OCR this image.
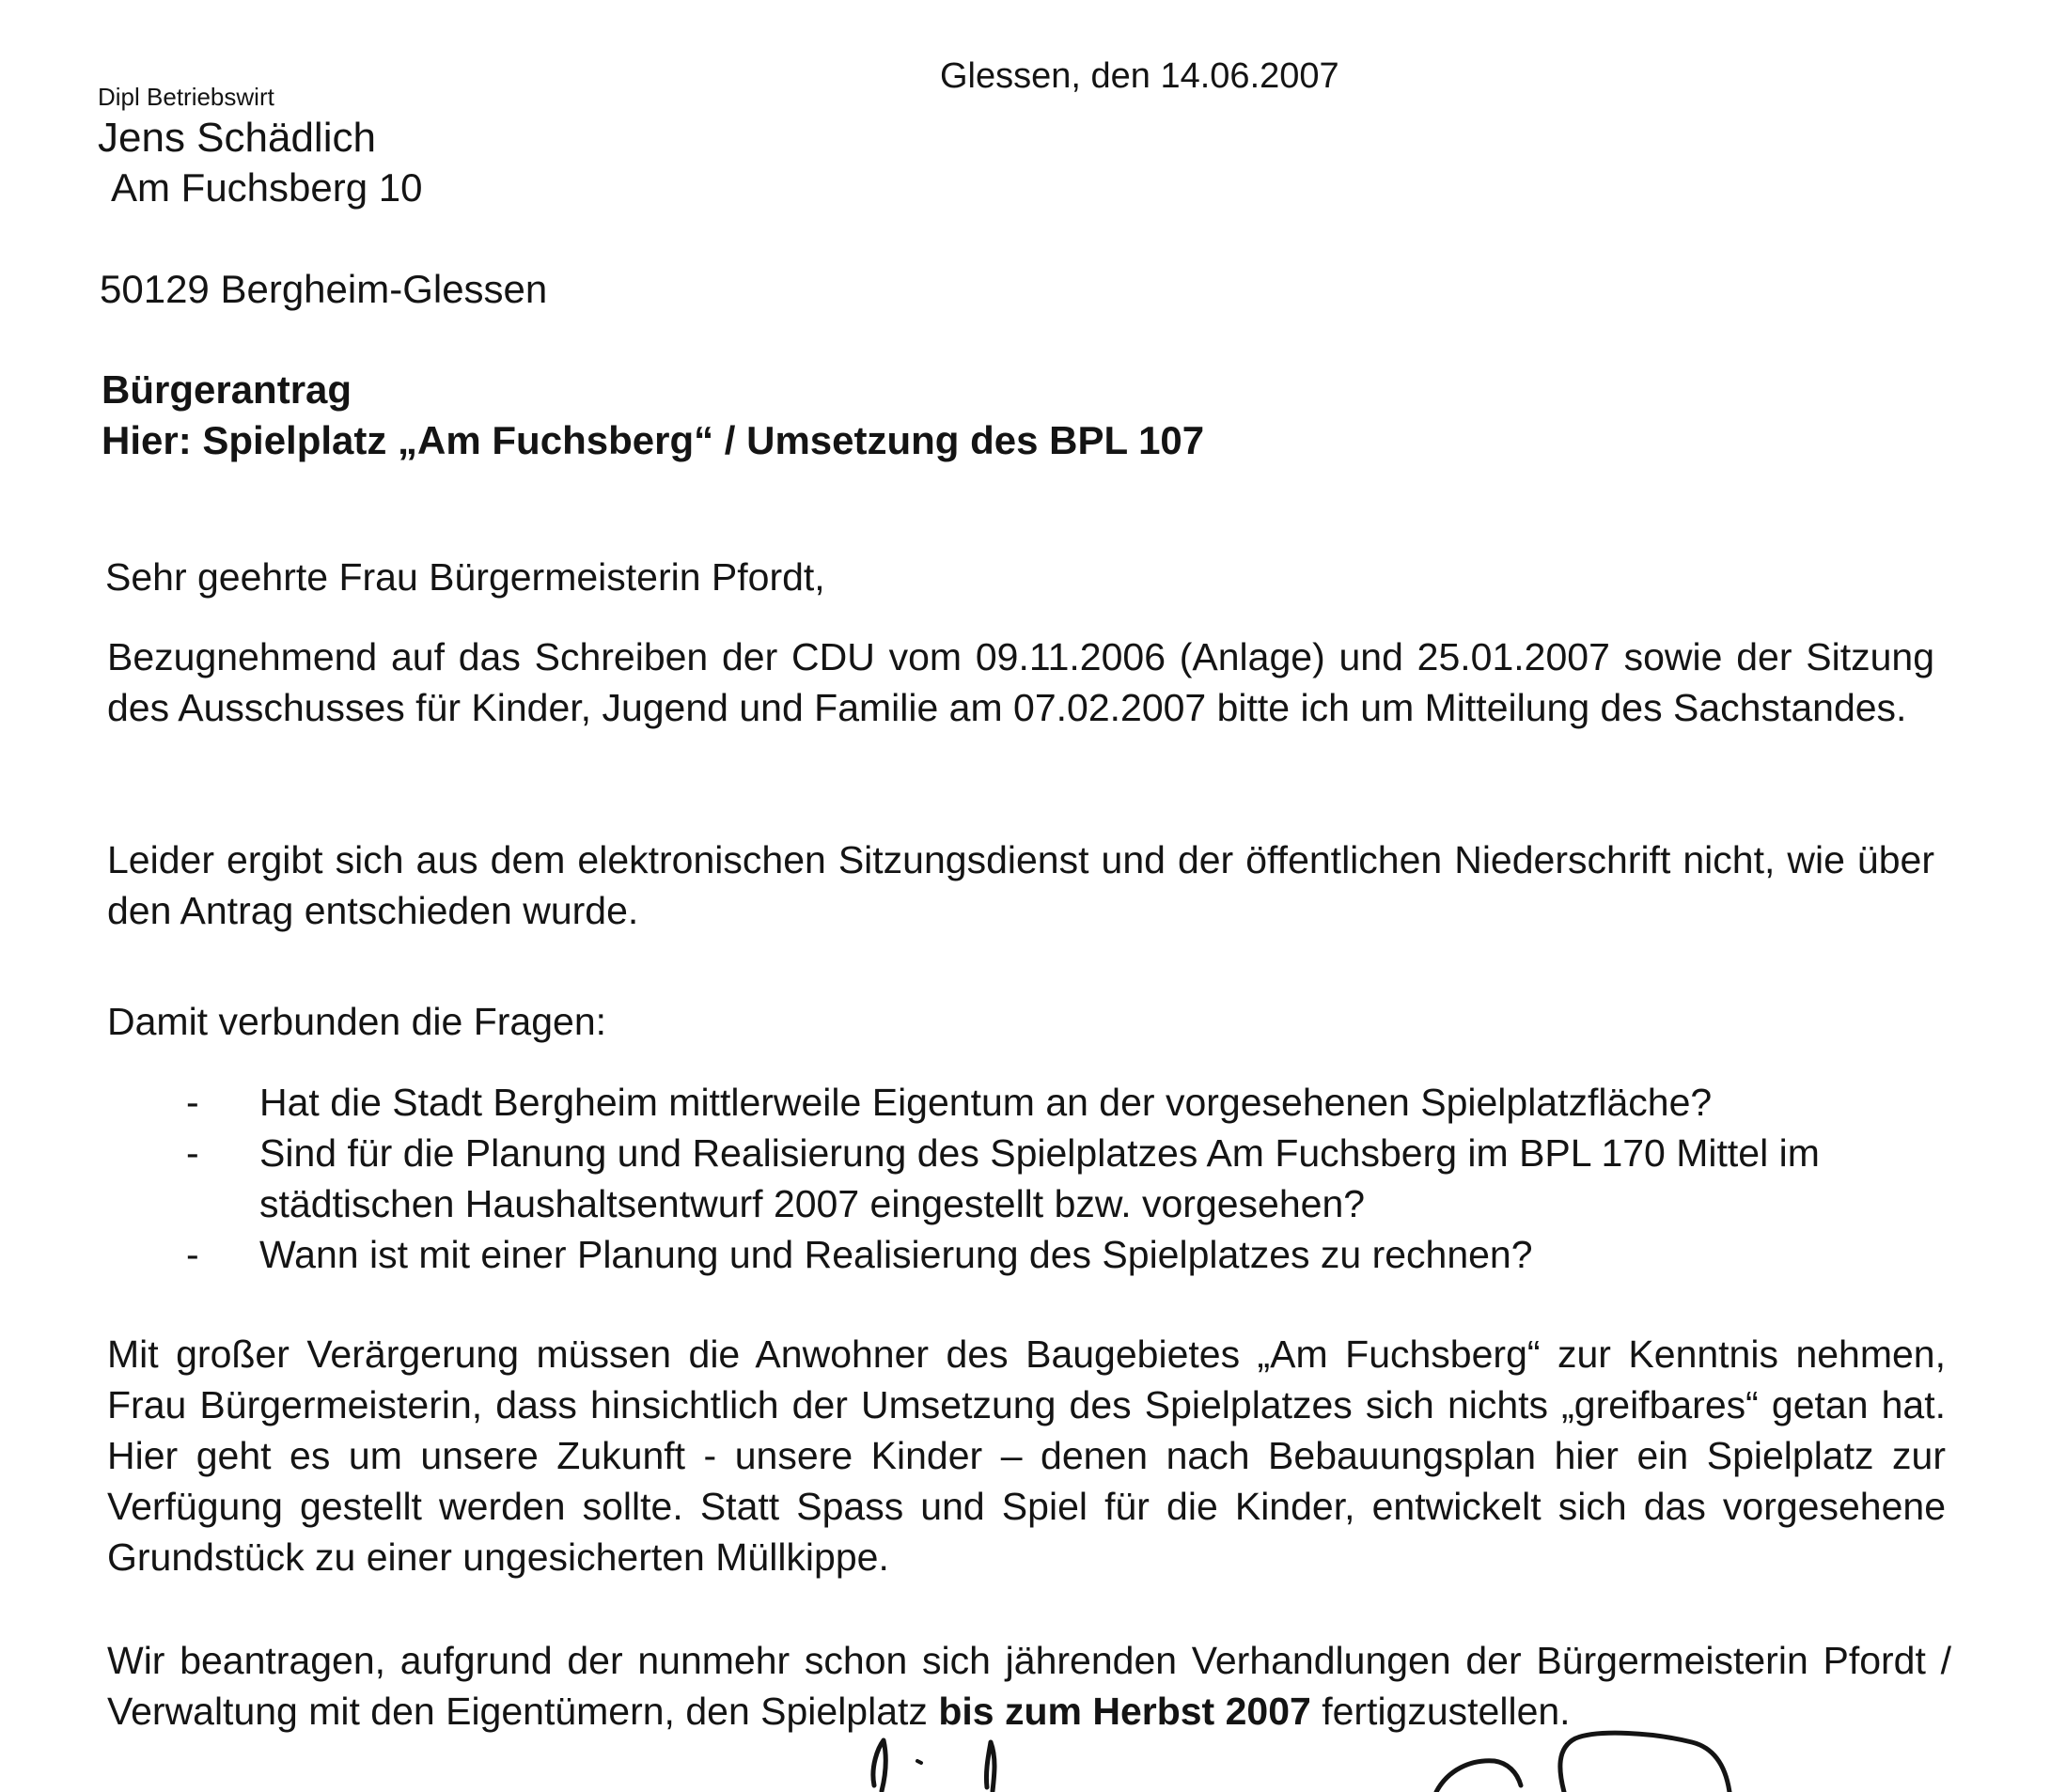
Glessen, den 14.06.2007
Dipl Betriebswirt
Jens Schädlich
Am Fuchsberg 10
50129 Bergheim-Glessen
Bürgerantrag
Hier: Spielplatz „Am Fuchsberg“ / Umsetzung des BPL 107
Sehr geehrte Frau Bürgermeisterin Pfordt,
Bezugnehmend auf das Schreiben der CDU vom 09.11.2006 (Anlage) und 25.01.2007 sowie der Sitzung des Ausschusses für Kinder, Jugend und Familie am 07.02.2007 bitte ich um Mitteilung des Sachstandes.
Leider ergibt sich aus dem elektronischen Sitzungsdienst und der öffentlichen Niederschrift nicht, wie über den Antrag entschieden wurde.
Damit verbunden die Fragen:
- Hat die Stadt Bergheim mittlerweile Eigentum an der vorgesehenen Spielplatzfläche?
- Sind für die Planung und Realisierung des Spielplatzes Am Fuchsberg im BPL 170 Mittel im städtischen Haushaltsentwurf 2007 eingestellt bzw. vorgesehen?
- Wann ist mit einer Planung und Realisierung des Spielplatzes zu rechnen?
Mit großer Verärgerung müssen die Anwohner des Baugebietes „Am Fuchsberg“ zur Kenntnis nehmen, Frau Bürgermeisterin, dass hinsichtlich der Umsetzung des Spielplatzes sich nichts „greifbares“ getan hat. Hier geht es um unsere Zukunft - unsere Kinder – denen nach Bebauungsplan hier ein Spielplatz zur Verfügung gestellt werden sollte. Statt Spass und Spiel für die Kinder, entwickelt sich das vorgesehene Grundstück zu einer ungesicherten Müllkippe.
Wir beantragen, aufgrund der nunmehr schon sich jährenden Verhandlungen der Bürgermeisterin Pfordt / Verwaltung mit den Eigentümern, den Spielplatz bis zum Herbst 2007 fertigzustellen.
